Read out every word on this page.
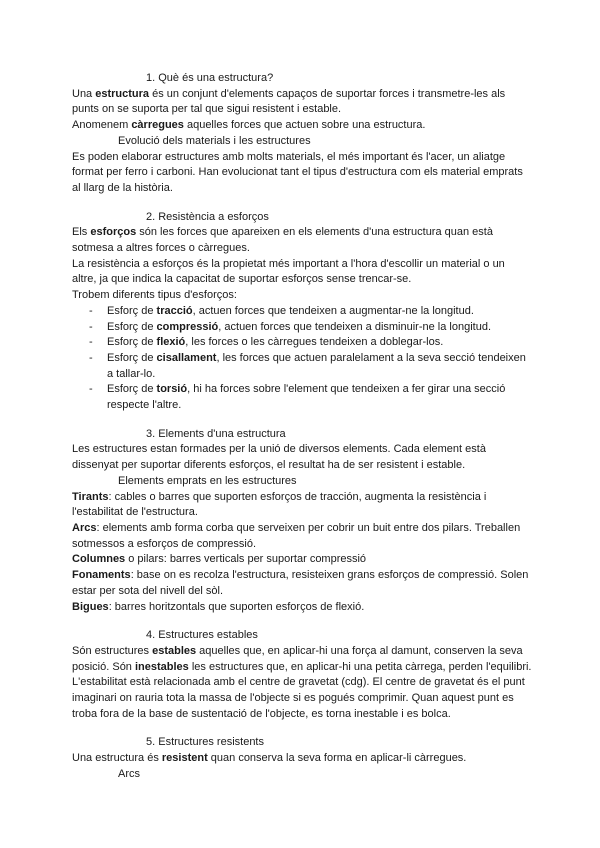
1. Què és una estructura?

Una estructura és un conjunt d'elements capaços de suportar forces i transmetre-les als punts on se suporta per tal que sigui resistent i estable.

Anomenem càrregues aquelles forces que actuen sobre una estructura.

Evolució dels materials i les estructures

Es poden elaborar estructures amb molts materials, el més important és l'acer, un aliatge format per ferro i carboni. Han evolucionat tant el tipus d'estructura com els material emprats al llarg de la història.

2. Resistència a esforços

Els esforços són les forces que apareixen en els elements d'una estructura quan està sotmesa a altres forces o càrregues.

La resistència a esforços és la propietat més important a l'hora d'escollir un material o un altre, ja que indica la capacitat de suportar esforços sense trencar-se.

Trobem diferents tipus d'esforços:

- Esforç de tracció, actuen forces que tendeixen a augmentar-ne la longitud.
- Esforç de compressió, actuen forces que tendeixen a disminuir-ne la longitud.
- Esforç de flexió, les forces o les càrregues tendeixen a doblegar-los.
- Esforç de cisallament, les forces que actuen paralelament a la seva secció tendeixen a tallar-lo.
- Esforç de torsió, hi ha forces sobre l'element que tendeixen a fer girar una secció respecte l'altre.

3. Elements d'una estructura

Les estructures estan formades per la unió de diversos elements. Cada element està dissenyat per suportar diferents esforços, el resultat ha de ser resistent i estable.

Elements emprats en les estructures

Tirants: cables o barres que suporten esforços de tracción, augmenta la resistència i l'estabilitat de l'estructura.

Arcs: elements amb forma corba que serveixen per cobrir un buit entre dos pilars. Treballen sotmessos a esforços de compressió.

Columnes o pilars: barres verticals per suportar compressió

Fonaments: base on es recolza l'estructura, resisteixen grans esforços de compressió. Solen estar per sota del nivell del sòl.

Bigues: barres horitzontals que suporten esforços de flexió.

4. Estructures estables

Són estructures estables aquelles que, en aplicar-hi una força al damunt, conserven la seva posició. Són inestables les estructures que, en aplicar-hi una petita càrrega, perden l'equilibri.

L'estabilitat està relacionada amb el centre de gravetat (cdg). El centre de gravetat és el punt imaginari on rauria tota la massa de l'objecte si es pogués comprimir. Quan aquest punt es troba fora de la base de sustentació de l'objecte, es torna inestable i es bolca.

5. Estructures resistents

Una estructura és resistent quan conserva la seva forma en aplicar-li càrregues.

Arcs
